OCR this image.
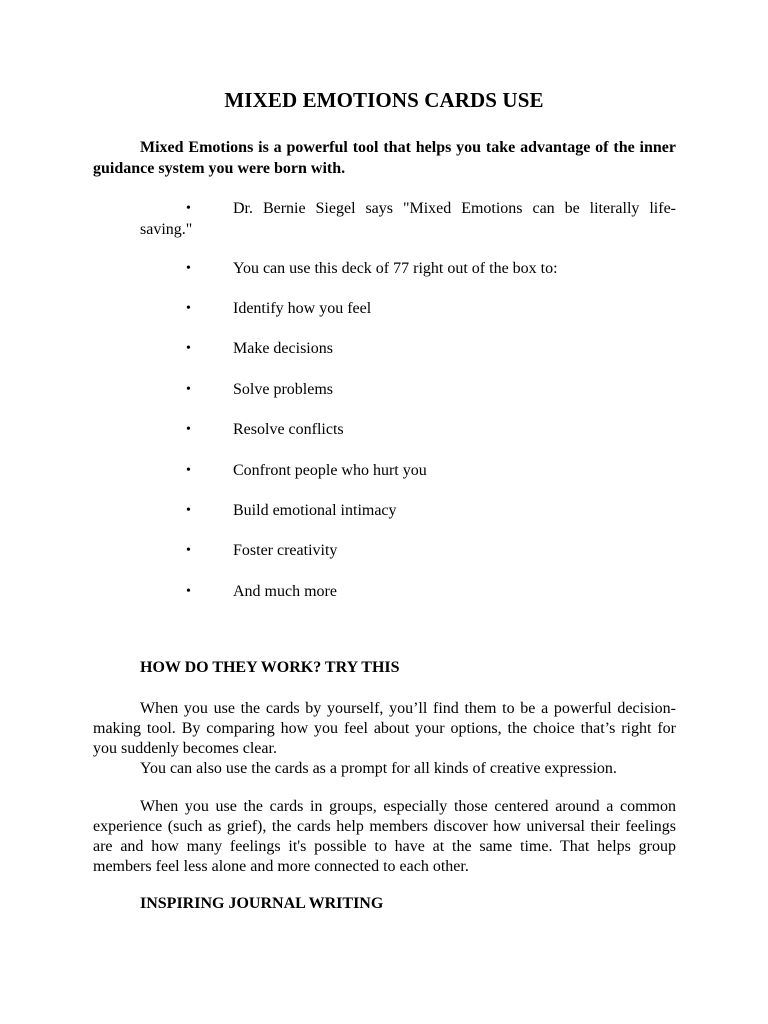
MIXED EMOTIONS CARDS USE

Mixed Emotions is a powerful tool that helps you take advantage of the inner guidance system you were born with.

•	Dr. Bernie Siegel says "Mixed Emotions can be literally life-
saving."
•	You can use this deck of 77 right out of the box to:
•	Identify how you feel
•	Make decisions
•	Solve problems
•	Resolve conflicts
•	Confront people who hurt you
•	Build emotional intimacy
•	Foster creativity
•	And much more

HOW DO THEY WORK? TRY THIS

When you use the cards by yourself, you’ll find them to be a powerful decision-making tool. By comparing how you feel about your options, the choice that’s right for you suddenly becomes clear.

You can also use the cards as a prompt for all kinds of creative expression.

When you use the cards in groups, especially those centered around a common experience (such as grief), the cards help members discover how universal their feelings are and how many feelings it's possible to have at the same time. That helps group members feel less alone and more connected to each other.

INSPIRING JOURNAL WRITING
